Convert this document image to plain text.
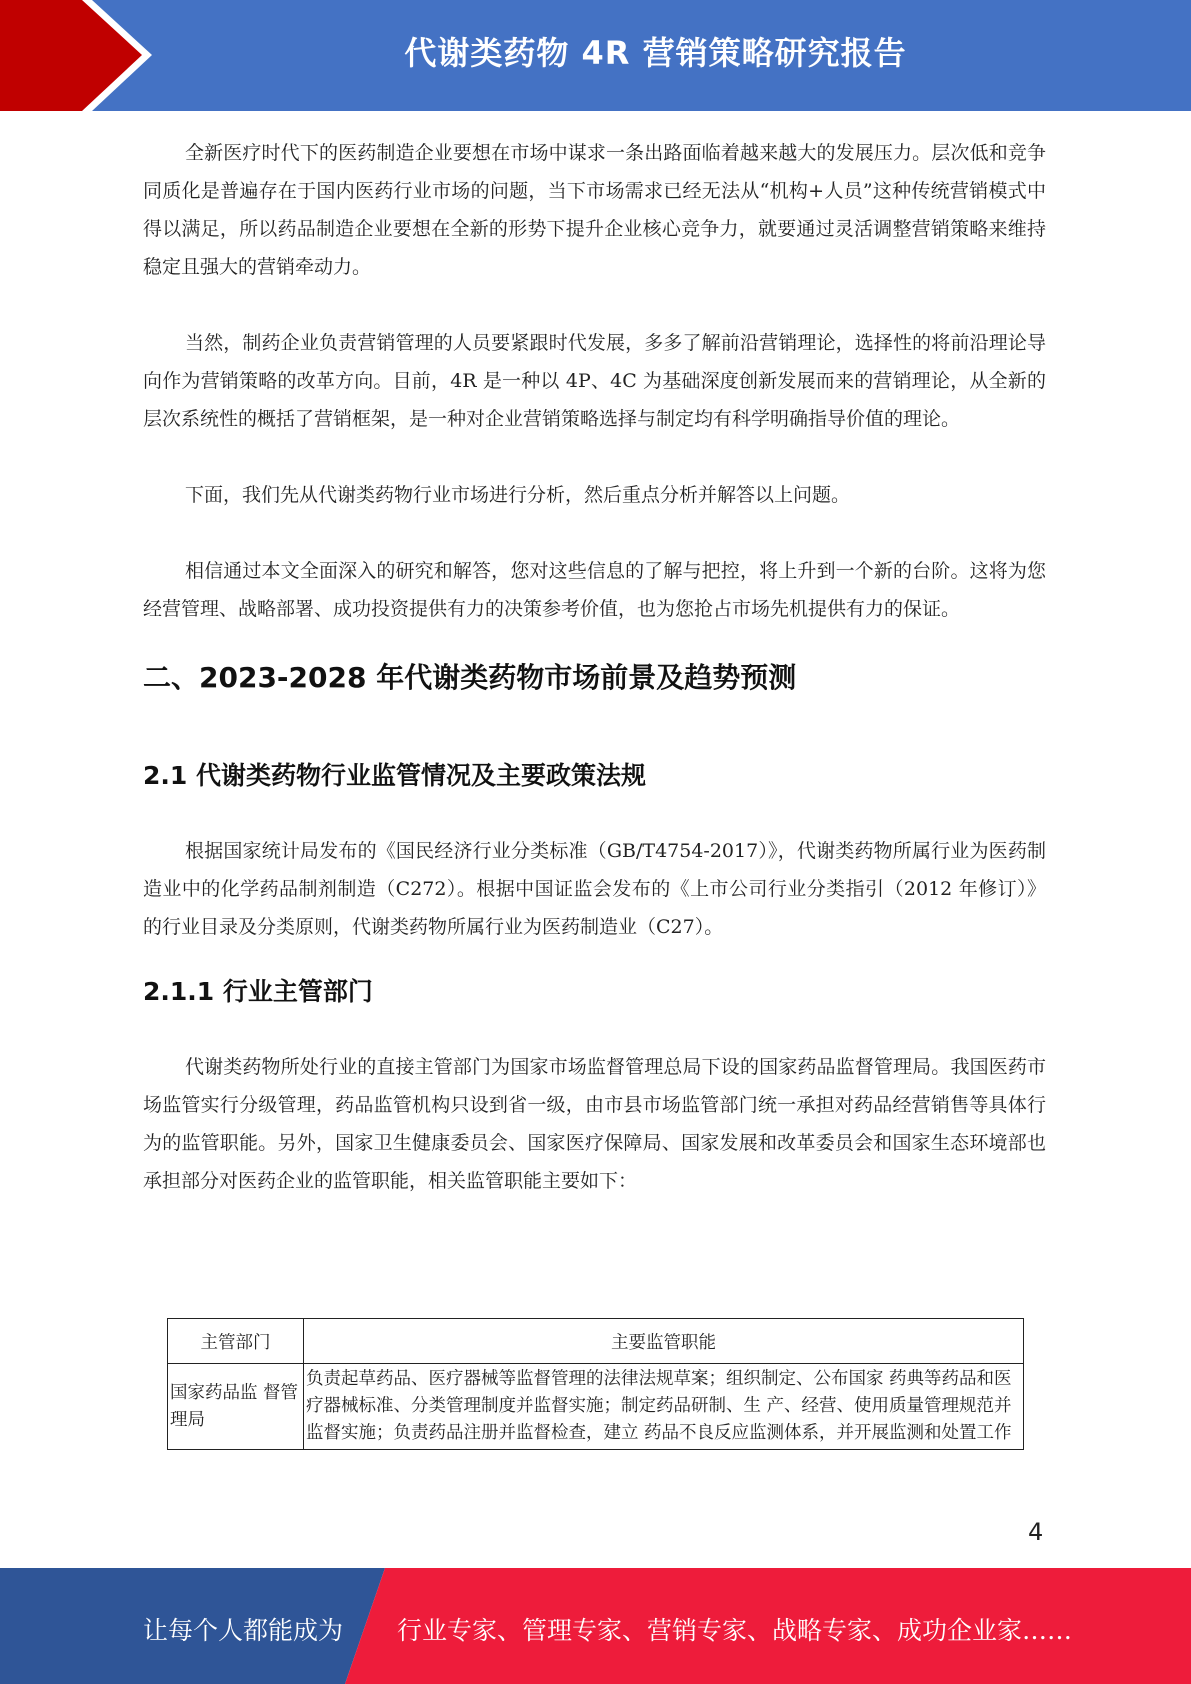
代谢类药物 4R 营销策略研究报告

全新医疗时代下的医药制造企业要想在市场中谋求一条出路面临着越来越大的发展压力。层次低和竞争同质化是普遍存在于国内医药行业市场的问题，当下市场需求已经无法从“机构+人员”这种传统营销模式中得以满足，所以药品制造企业要想在全新的形势下提升企业核心竞争力，就要通过灵活调整营销策略来维持稳定且强大的营销牵动力。

当然，制药企业负责营销管理的人员要紧跟时代发展，多多了解前沿营销理论，选择性的将前沿理论导向作为营销策略的改革方向。目前，4R 是一种以 4P、4C 为基础深度创新发展而来的营销理论，从全新的层次系统性的概括了营销框架，是一种对企业营销策略选择与制定均有科学明确指导价值的理论。

下面，我们先从代谢类药物行业市场进行分析，然后重点分析并解答以上问题。

相信通过本文全面深入的研究和解答，您对这些信息的了解与把控，将上升到一个新的台阶。这将为您经营管理、战略部署、成功投资提供有力的决策参考价值，也为您抢占市场先机提供有力的保证。

二、2023-2028 年代谢类药物市场前景及趋势预测
2.1 代谢类药物行业监管情况及主要政策法规

根据国家统计局发布的《国民经济行业分类标准（GB/T4754-2017）》，代谢类药物所属行业为医药制造业中的化学药品制剂制造（C272）。根据中国证监会发布的《上市公司行业分类指引（2012 年修订）》的行业目录及分类原则，代谢类药物所属行业为医药制造业（C27）。

2.1.1 行业主管部门

代谢类药物所处行业的直接主管部门为国家市场监督管理总局下设的国家药品监督管理局。我国医药市场监管实行分级管理，药品监管机构只设到省一级，由市县市场监管部门统一承担对药品经营销售等具体行为的监管职能。另外，国家卫生健康委员会、国家医疗保障局、国家发展和改革委员会和国家生态环境部也承担部分对医药企业的监管职能，相关监管职能主要如下：

主管部门	主要监管职能
国家药品监 督管理局	负责起草药品、医疗器械等监督管理的法律法规草案；组织制定、公布国家 药典等药品和医疗器械标准、分类管理制度并监督实施；制定药品研制、生 产、经营、使用质量管理规范并监督实施；负责药品注册并监督检查，建立 药品不良反应监测体系，并开展监测和处置工作
4
让每个人都能成为 行业专家、管理专家、营销专家、战略专家、成功企业家……
